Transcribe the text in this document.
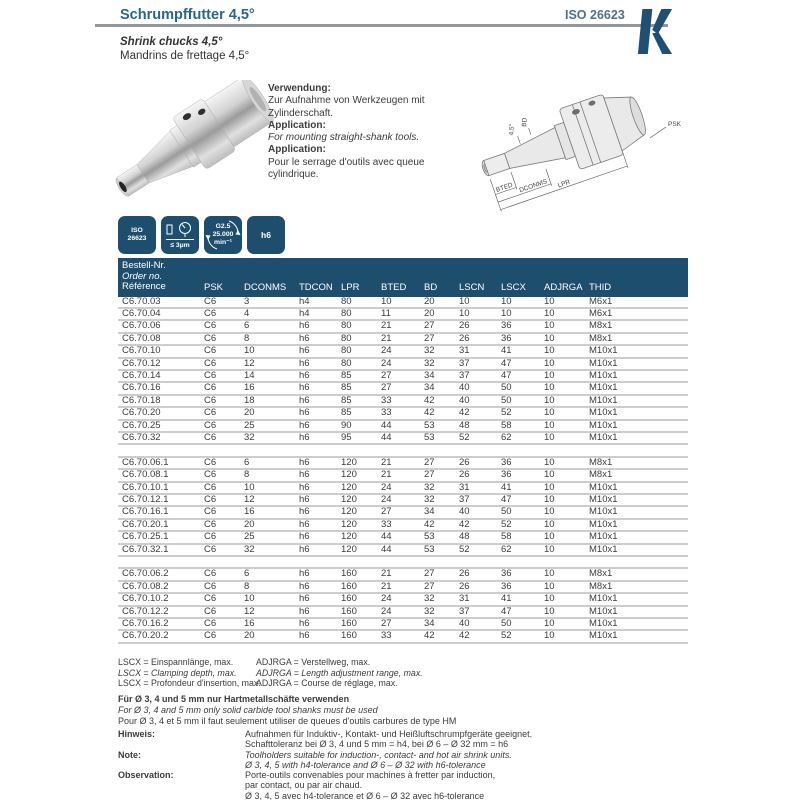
Schrumpffutter 4,5°	ISO 26623
Shrink chucks 4,5°
Mandrins de frettage 4,5°
Verwendung:
Zur Aufnahme von Werkzeugen mit Zylinderschaft.
Application:
For mounting straight-shank tools.
Application:
Pour le serrage d'outils avec queue cylindrique.
BTED DCONMS LPR
4,5°
BD	PSK
ISO
26623
≤ 3µm
G2.5
25.000
min⁻¹
h6
Bestell-Nr.
Order no.
Référence	PSK	DCONMS	TDCON	LPR	BTED	BD	LSCN	LSCX	ADJRGA	THID
C6.70.03	C6	3	h4	80	10	20	10	10	10	M6x1
C6.70.04	C6	4	h4	80	11	20	10	10	10	M6x1
C6.70.06	C6	6	h6	80	21	27	26	36	10	M8x1
C6.70.08	C6	8	h6	80	21	27	26	36	10	M8x1
C6.70.10	C6	10	h6	80	24	32	31	41	10	M10x1
C6.70.12	C6	12	h6	80	24	32	37	47	10	M10x1
C6.70.14	C6	14	h6	85	27	34	37	47	10	M10x1
C6.70.16	C6	16	h6	85	27	34	40	50	10	M10x1
C6.70.18	C6	18	h6	85	33	42	40	50	10	M10x1
C6.70.20	C6	20	h6	85	33	42	42	52	10	M10x1
C6.70.25	C6	25	h6	90	44	53	48	58	10	M10x1
C6.70.32	C6	32	h6	95	44	53	52	62	10	M10x1

C6.70.06.1	C6	6	h6	120	21	27	26	36	10	M8x1
C6.70.08.1	C6	8	h6	120	21	27	26	36	10	M8x1
C6.70.10.1	C6	10	h6	120	24	32	31	41	10	M10x1
C6.70.12.1	C6	12	h6	120	24	32	37	47	10	M10x1
C6.70.16.1	C6	16	h6	120	27	34	40	50	10	M10x1
C6.70.20.1	C6	20	h6	120	33	42	42	52	10	M10x1
C6.70.25.1	C6	25	h6	120	44	53	48	58	10	M10x1
C6.70.32.1	C6	32	h6	120	44	53	52	62	10	M10x1

C6.70.06.2	C6	6	h6	160	21	27	26	36	10	M8x1
C6.70.08.2	C6	8	h6	160	21	27	26	36	10	M8x1
C6.70.10.2	C6	10	h6	160	24	32	31	41	10	M10x1
C6.70.12.2	C6	12	h6	160	24	32	37	47	10	M10x1
C6.70.16.2	C6	16	h6	160	27	34	40	50	10	M10x1
C6.70.20.2	C6	20	h6	160	33	42	42	52	10	M10x1
LSCX = Einspannlänge, max.
LSCX = Clamping depth, max.
LSCX = Profondeur d'insertion, max.
ADJRGA = Verstellweg, max.
ADJRGA = Length adjustment range, max.
ADJRGA = Course de réglage, max.
Für Ø 3, 4 und 5 mm nur Hartmetallschäfte verwenden
For Ø 3, 4 and 5 mm only solid carbide tool shanks must be used
Pour Ø 3, 4 et 5 mm il faut seulement utiliser de queues d'outils carbures de type HM
Hinweis:	Aufnahmen für Induktiv-, Kontakt- und Heißluftschrumpfgeräte geeignet.
Schafttoleranz bei Ø 3, 4 und 5 mm = h4, bei Ø 6 – Ø 32 mm = h6
Note:	Toolholders suitable for induction-, contact- and hot air shrink units.
Ø 3, 4, 5 with h4-tolerance and Ø 6 – Ø 32 with h6-tolerance
Observation:	Porte-outils convenables pour machines à fretter par induction,
par contact, ou par air chaud.
Ø 3, 4, 5 avec h4-tolerance et Ø 6 – Ø 32 avec h6-tolerance
